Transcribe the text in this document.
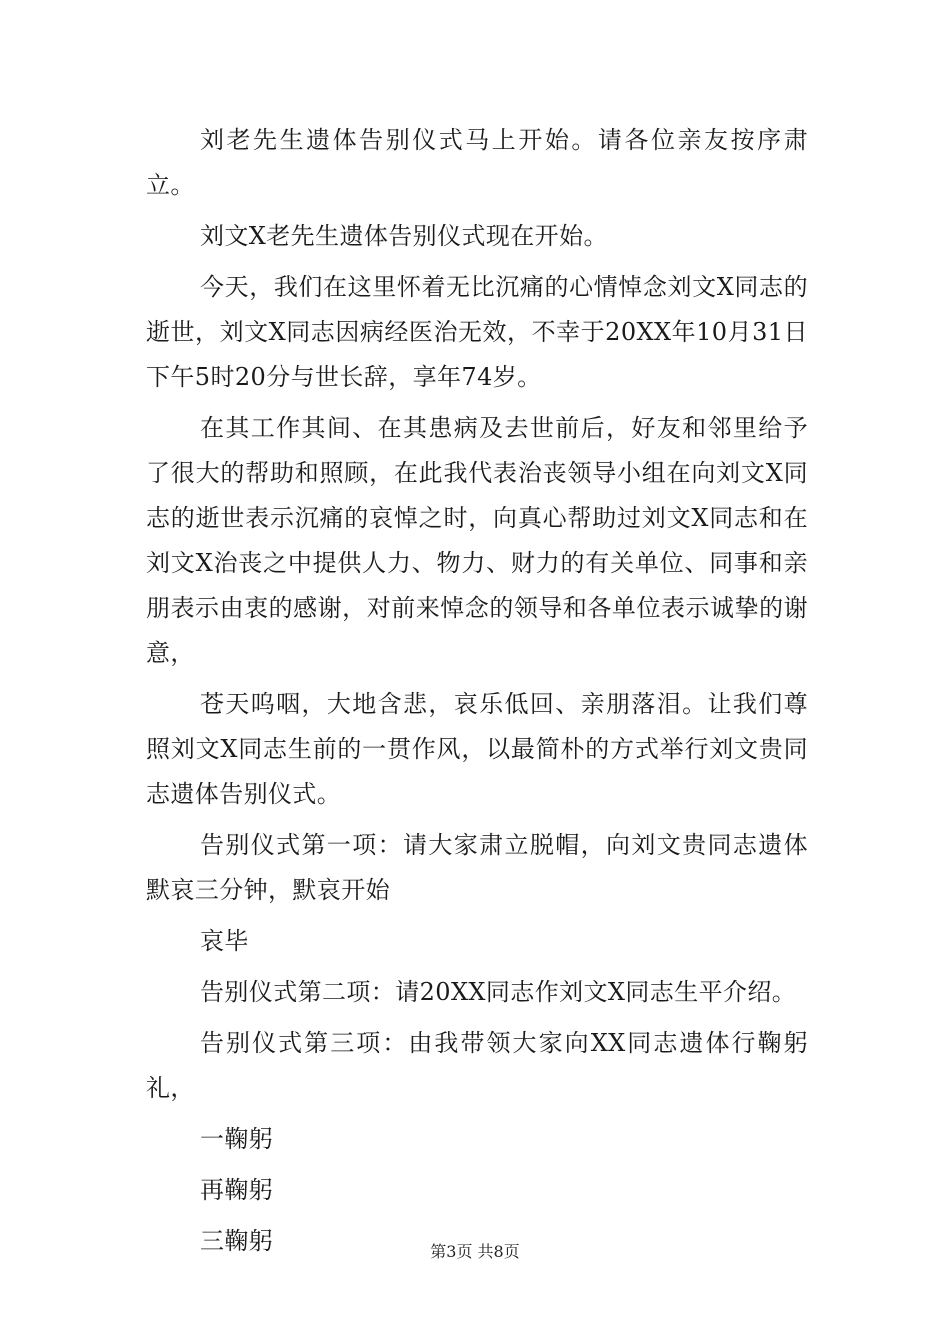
刘老先生遗体告别仪式马上开始。请各位亲友按序肃立。

刘文X老先生遗体告别仪式现在开始。

今天，我们在这里怀着无比沉痛的心情悼念刘文X同志的逝世，刘文X同志因病经医治无效，不幸于20XX年10月31日下午5时20分与世长辞，享年74岁。

在其工作其间、在其患病及去世前后，好友和邻里给予了很大的帮助和照顾，在此我代表治丧领导小组在向刘文X同志的逝世表示沉痛的哀悼之时，向真心帮助过刘文X同志和在刘文X治丧之中提供人力、物力、财力的有关单位、同事和亲朋表示由衷的感谢，对前来悼念的领导和各单位表示诚挚的谢意，

苍天呜咽，大地含悲，哀乐低回、亲朋落泪。让我们尊照刘文X同志生前的一贯作风，以最简朴的方式举行刘文贵同志遗体告别仪式。

告别仪式第一项：请大家肃立脱帽，向刘文贵同志遗体默哀三分钟，默哀开始

哀毕

告别仪式第二项：请20XX同志作刘文X同志生平介绍。

告别仪式第三项：由我带领大家向XX同志遗体行鞠躬礼，

一鞠躬

再鞠躬

三鞠躬	第3页 共8页
